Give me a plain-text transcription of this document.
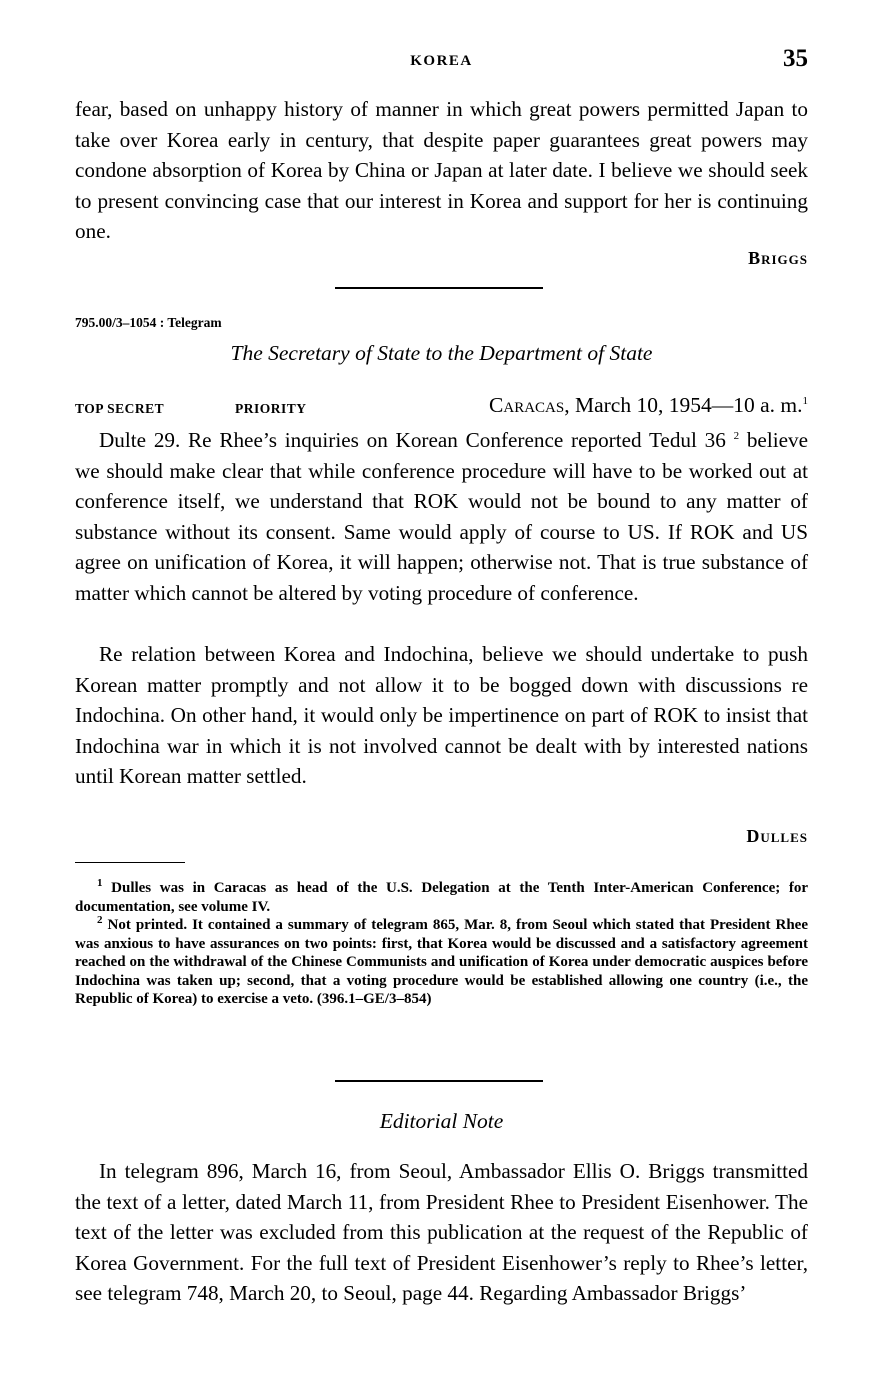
KOREA	35

fear, based on unhappy history of manner in which great powers permitted Japan to take over Korea early in century, that despite paper guarantees great powers may condone absorption of Korea by China or Japan at later date. I believe we should seek to present convincing case that our interest in Korea and support for her is continuing one.

Briggs
795.00/3–1054 : Telegram
The Secretary of State to the Department of State
TOP SECRET	PRIORITY	Caracas, March 10, 1954—10 a. m.$^1$

Dulte 29. Re Rhee’s inquiries on Korean Conference reported Tedul 36 $^2$ believe we should make clear that while conference procedure will have to be worked out at conference itself, we understand that ROK would not be bound to any matter of substance without its consent. Same would apply of course to US. If ROK and US agree on unification of Korea, it will happen; otherwise not. That is true substance of matter which cannot be altered by voting procedure of conference.

Re relation between Korea and Indochina, believe we should undertake to push Korean matter promptly and not allow it to be bogged down with discussions re Indochina. On other hand, it would only be impertinence on part of ROK to insist that Indochina war in which it is not involved cannot be dealt with by interested nations until Korean matter settled.

Dulles

$^1$ Dulles was in Caracas as head of the U.S. Delegation at the Tenth Inter-American Conference; for documentation, see volume IV.

$^2$ Not printed. It contained a summary of telegram 865, Mar. 8, from Seoul which stated that President Rhee was anxious to have assurances on two points: first, that Korea would be discussed and a satisfactory agreement reached on the withdrawal of the Chinese Communists and unification of Korea under democratic auspices before Indochina was taken up; second, that a voting procedure would be established allowing one country (i.e., the Republic of Korea) to exercise a veto. (396.1–GE/3–854)

Editorial Note

In telegram 896, March 16, from Seoul, Ambassador Ellis O. Briggs transmitted the text of a letter, dated March 11, from President Rhee to President Eisenhower. The text of the letter was excluded from this publication at the request of the Republic of Korea Government. For the full text of President Eisenhower’s reply to Rhee’s letter, see telegram 748, March 20, to Seoul, page 44. Regarding Ambassador Briggs’
